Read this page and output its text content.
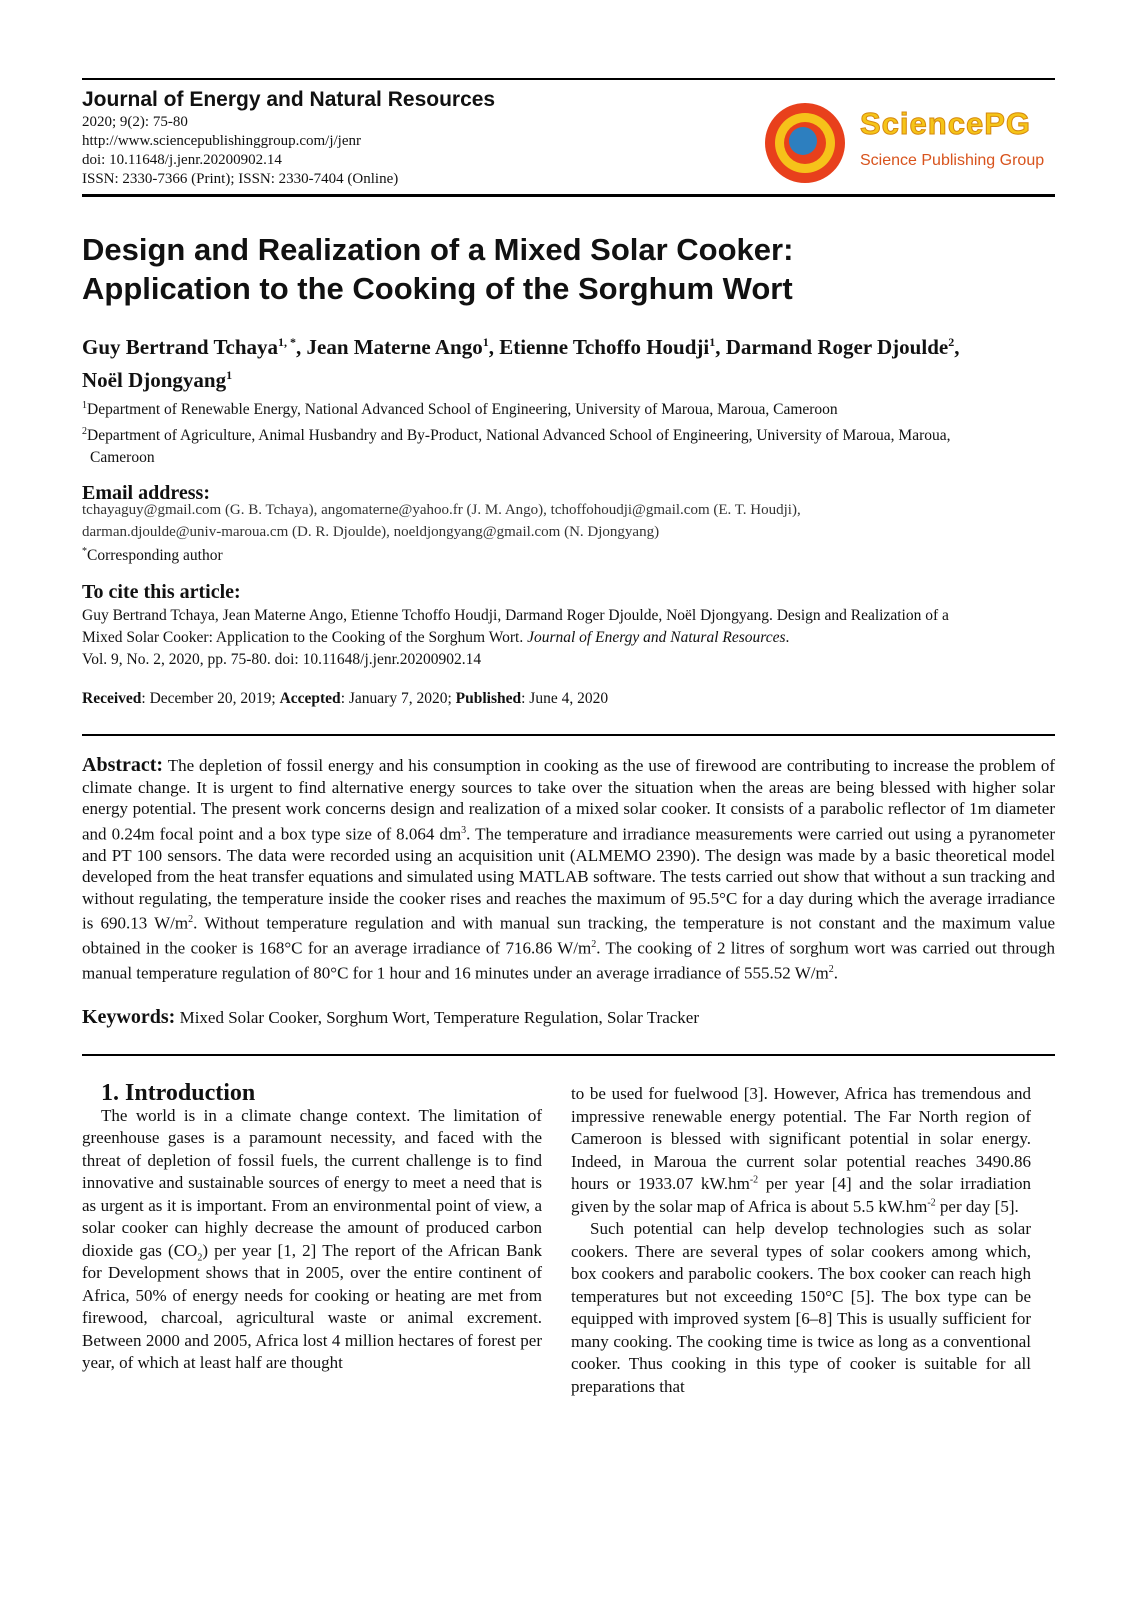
Journal of Energy and Natural Resources

2020; 9(2): 75-80

http://www.sciencepublishinggroup.com/j/jenr

doi: 10.11648/j.jenr.20200902.14

ISSN: 2330-7366 (Print); ISSN: 2330-7404 (Online)

SciencePG
Science Publishing Group
Design and Realization of a Mixed Solar Cooker:
Application to the Cooking of the Sorghum Wort

Guy Bertrand Tchaya$^{1, *}$, Jean Materne Ango$^1$, Etienne Tchoffo Houdji$^1$, Darmand Roger Djoulde$^2$,
Noël Djongyang$^1$

$^1$Department of Renewable Energy, National Advanced School of Engineering, University of Maroua, Maroua, Cameroon

$^2$Department of Agriculture, Animal Husbandry and By-Product, National Advanced School of Engineering, University of Maroua, Maroua,
Cameroon

Email address:

tchayaguy@gmail.com (G. B. Tchaya), angomaterne@yahoo.fr (J. M. Ango), tchoffohoudji@gmail.com (E. T. Houdji),
darman.djoulde@univ-maroua.cm (D. R. Djoulde), noeldjongyang@gmail.com (N. Djongyang)

*Corresponding author

To cite this article:

Guy Bertrand Tchaya, Jean Materne Ango, Etienne Tchoffo Houdji, Darmand Roger Djoulde, Noël Djongyang. Design and Realization of a
Mixed Solar Cooker: Application to the Cooking of the Sorghum Wort. Journal of Energy and Natural Resources.
Vol. 9, No. 2, 2020, pp. 75-80. doi: 10.11648/j.jenr.20200902.14

Received: December 20, 2019; Accepted: January 7, 2020; Published: June 4, 2020

Abstract: The depletion of fossil energy and his consumption in cooking as the use of firewood are contributing to increase the problem of climate change. It is urgent to find alternative energy sources to take over the situation when the areas are being blessed with higher solar energy potential. The present work concerns design and realization of a mixed solar cooker. It consists of a parabolic reflector of 1m diameter and 0.24m focal point and a box type size of 8.064 $dm^3$. The temperature and irradiance measurements were carried out using a pyranometer and PT 100 sensors. The data were recorded using an acquisition unit (ALMEMO 2390). The design was made by a basic theoretical model developed from the heat transfer equations and simulated using MATLAB software. The tests carried out show that without a sun tracking and without regulating, the temperature inside the cooker rises and reaches the maximum of 95.5°C for a day during which the average irradiance is 690.13 $W/m^2$. Without temperature regulation and with manual sun tracking, the temperature is not constant and the maximum value obtained in the cooker is 168°C for an average irradiance of 716.86 $W/m^2$. The cooking of 2 litres of sorghum wort was carried out through manual temperature regulation of 80°C for 1 hour and 16 minutes under an average irradiance of 555.52 $W/m^2$.

Keywords: Mixed Solar Cooker, Sorghum Wort, Temperature Regulation, Solar Tracker

1. Introduction

The world is in a climate change context. The limitation of greenhouse gases is a paramount necessity, and faced with the threat of depletion of fossil fuels, the current challenge is to find innovative and sustainable sources of energy to meet a need that is as urgent as it is important. From an environmental point of view, a solar cooker can highly decrease the amount of produced carbon dioxide gas $(CO_2)$ per year [1, 2] The report of the African Bank for Development shows that in 2005, over the entire continent of Africa, 50% of energy needs for cooking or heating are met from firewood, charcoal, agricultural waste or animal excrement. Between 2000 and 2005, Africa lost 4 million hectares of forest per year, of which at least half are thought

to be used for fuelwood [3]. However, Africa has tremendous and impressive renewable energy potential. The Far North region of Cameroon is blessed with significant potential in solar energy. Indeed, in Maroua the current solar potential reaches 3490.86 hours or 1933.07 $kW.hm^{-2}$ per year [4] and the solar irradiation given by the solar map of Africa is about 5.5 $kW.hm^{-2}$ per day [5].

Such potential can help develop technologies such as solar cookers. There are several types of solar cookers among which, box cookers and parabolic cookers. The box cooker can reach high temperatures but not exceeding 150°C [5]. The box type can be equipped with improved system [6–8] This is usually sufficient for many cooking. The cooking time is twice as long as a conventional cooker. Thus cooking in this type of cooker is suitable for all preparations that
